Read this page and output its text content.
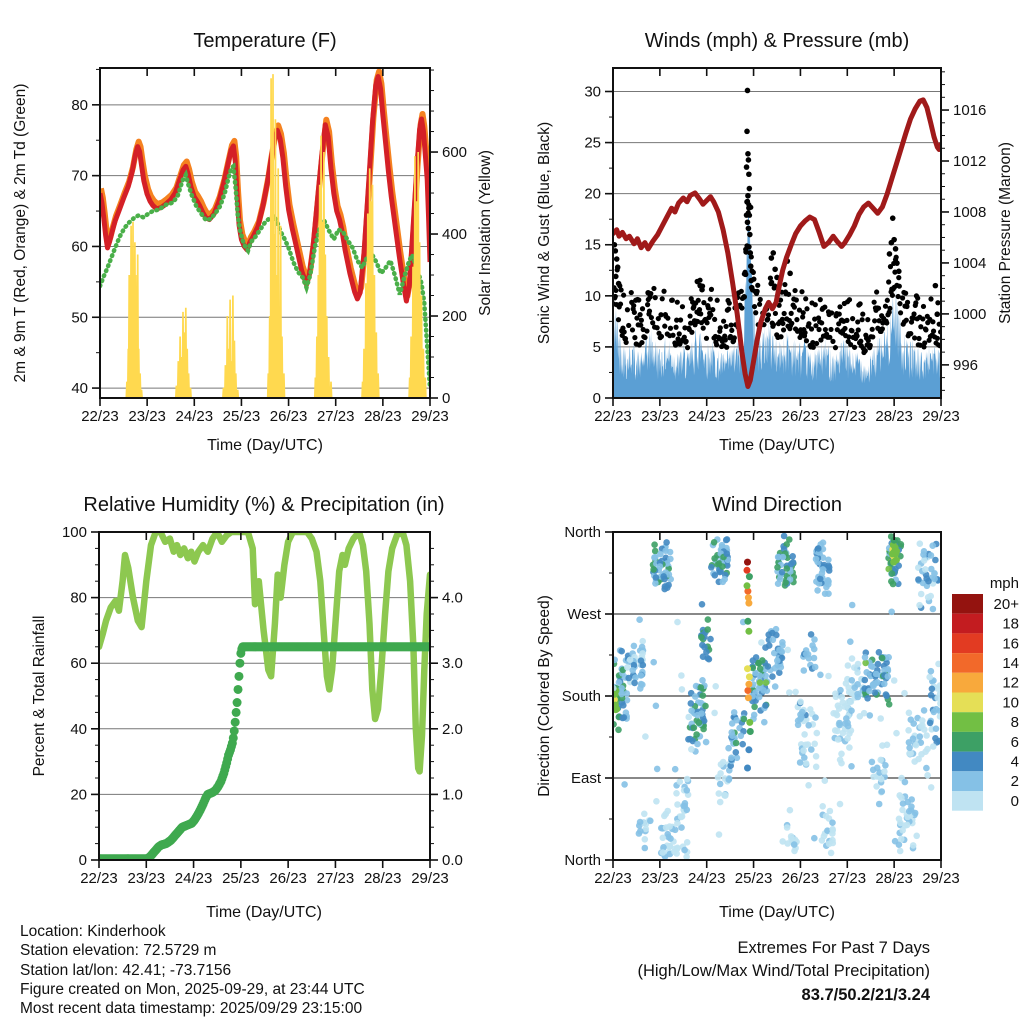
Temperature (F)	Winds (mph) & Pressure (mb)
Relative Humidity (%) & Precipitation (in)	Wind Direction
Time (Day/UTC)	Time (Day/UTC)
Time (Day/UTC)	Time (Day/UTC)
2m & 9m T (Red, Orange) & 2m Td (Green)	Solar Insolation (Yellow)	Sonic Wind & Gust (Blue, Black)	Station Pressure (Maroon)
Percent & Total Rainfall	Direction (Colored By Speed)
mph
22/23 23/23 24/23 25/23 26/23 27/23 28/23 29/23
40
50
60
70
80
0
200
400
600
22/23 23/23 24/23 25/23 26/23 27/23 28/23 29/23
0
5
10
15
20
25
30
996
1000
1004
1008
1012
1016
22/23 23/23 24/23 25/23 26/23 27/23 28/23 29/23
0
20
40
60
80
100
0.0
1.0
2.0
3.0
4.0
22/23 23/23 24/23 25/23 26/23 27/23 28/23 29/23
North
West
South
East
North
20+
18
16
14
12
10
8
6
4
2
0
Location: Kinderhook
Station elevation: 72.5729 m
Station lat/lon: 42.41; -73.7156
Figure created on Mon, 2025-09-29, at 23:44 UTC
Most recent data timestamp: 2025/09/29 23:15:00
Extremes For Past 7 Days
(High/Low/Max Wind/Total Precipitation)
83.7/50.2/21/3.24
